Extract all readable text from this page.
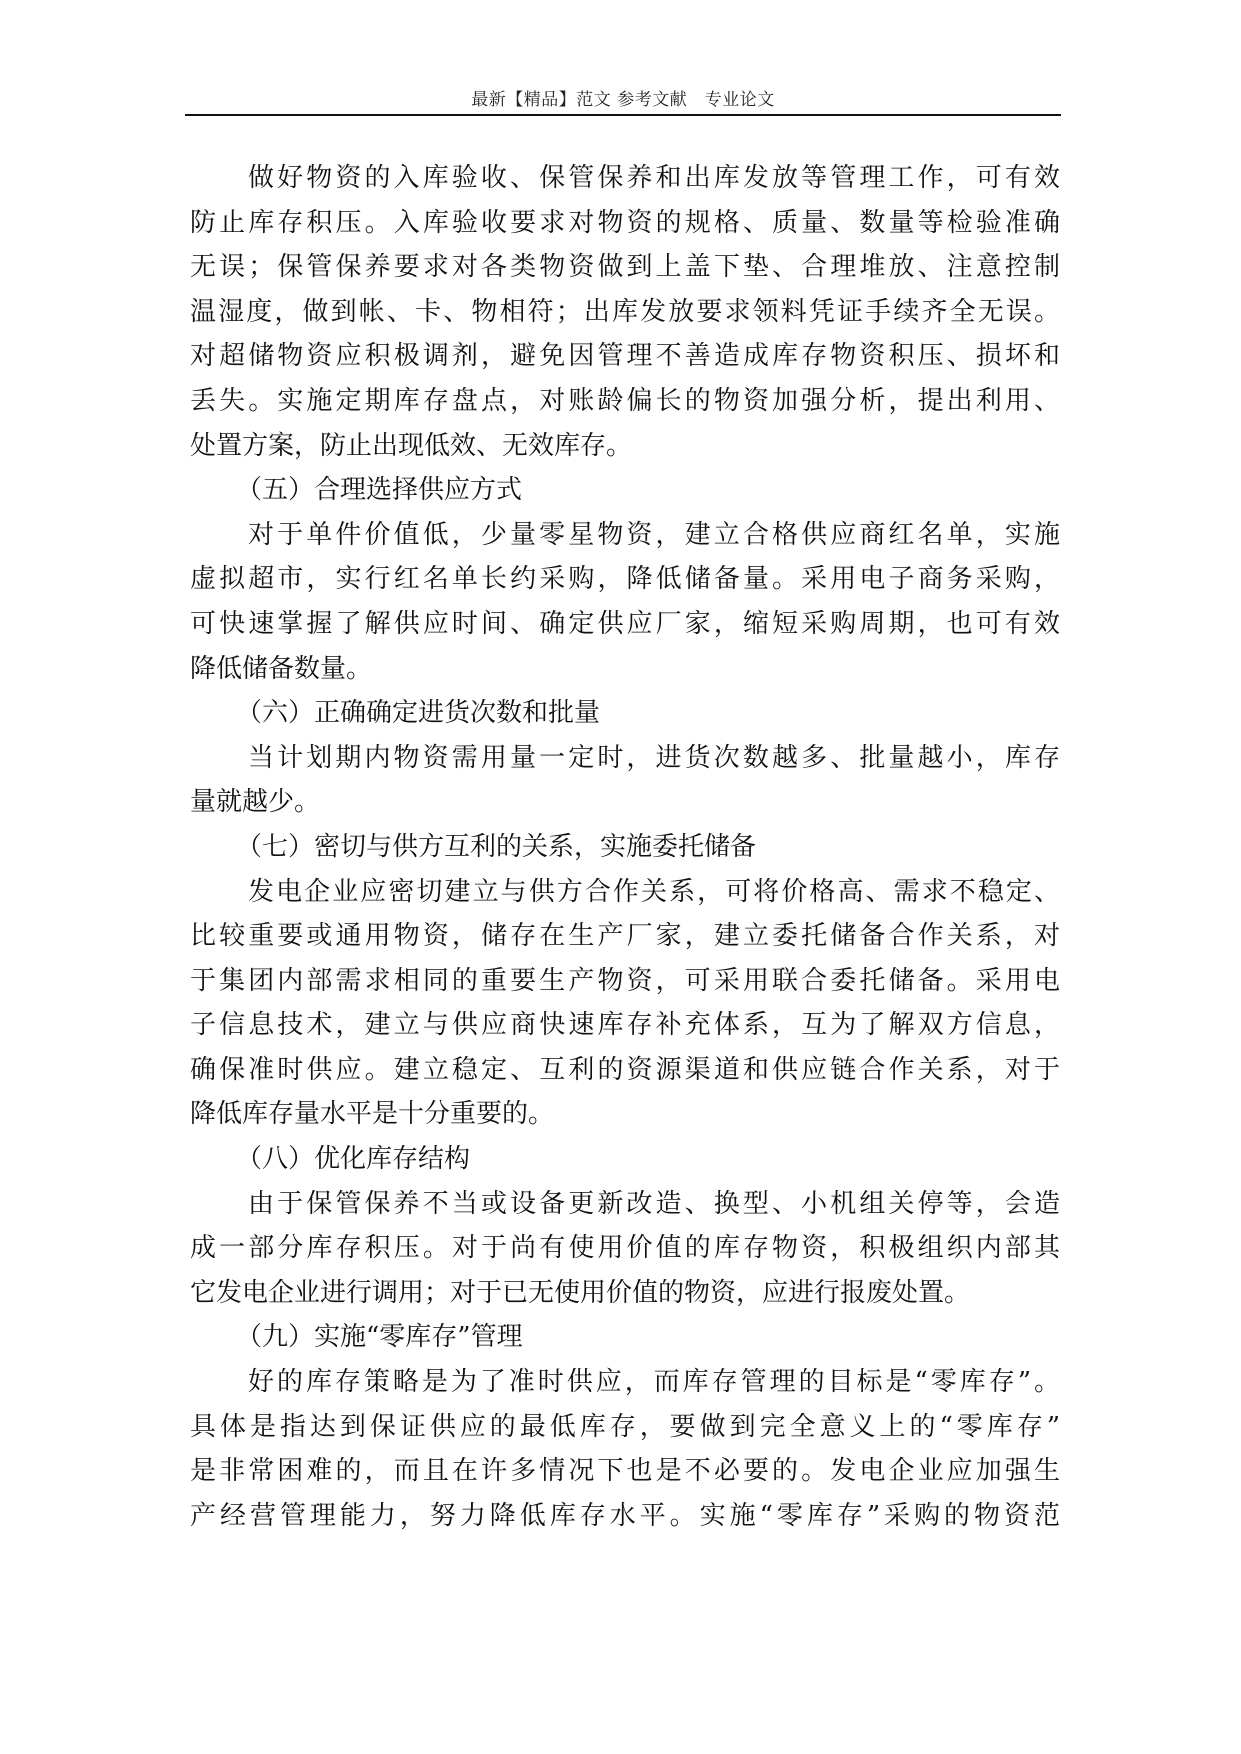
最新【精品】范文 参考文献　专业论文
做好物资的入库验收、保管保养和出库发放等管理工作，可有效
防止库存积压。入库验收要求对物资的规格、质量、数量等检验准确
无误；保管保养要求对各类物资做到上盖下垫、合理堆放、注意控制
温湿度，做到帐、卡、物相符；出库发放要求领料凭证手续齐全无误。
对超储物资应积极调剂，避免因管理不善造成库存物资积压、损坏和
丢失。实施定期库存盘点，对账龄偏长的物资加强分析，提出利用、
处置方案，防止出现低效、无效库存。
（五）合理选择供应方式
对于单件价值低，少量零星物资，建立合格供应商红名单，实施
虚拟超市，实行红名单长约采购，降低储备量。采用电子商务采购，
可快速掌握了解供应时间、确定供应厂家，缩短采购周期，也可有效
降低储备数量。
（六）正确确定进货次数和批量
当计划期内物资需用量一定时，进货次数越多、批量越小，库存
量就越少。
（七）密切与供方互利的关系，实施委托储备
发电企业应密切建立与供方合作关系，可将价格高、需求不稳定、
比较重要或通用物资，储存在生产厂家，建立委托储备合作关系，对
于集团内部需求相同的重要生产物资，可采用联合委托储备。采用电
子信息技术，建立与供应商快速库存补充体系，互为了解双方信息，
确保准时供应。建立稳定、互利的资源渠道和供应链合作关系，对于
降低库存量水平是十分重要的。
（八）优化库存结构
由于保管保养不当或设备更新改造、换型、小机组关停等，会造
成一部分库存积压。对于尚有使用价值的库存物资，积极组织内部其
它发电企业进行调用；对于已无使用价值的物资，应进行报废处置。
（九）实施“零库存”管理
好的库存策略是为了准时供应，而库存管理的目标是“零库存”。
具体是指达到保证供应的最低库存，要做到完全意义上的“零库存”
是非常困难的，而且在许多情况下也是不必要的。发电企业应加强生
产经营管理能力，努力降低库存水平。实施“零库存”采购的物资范
